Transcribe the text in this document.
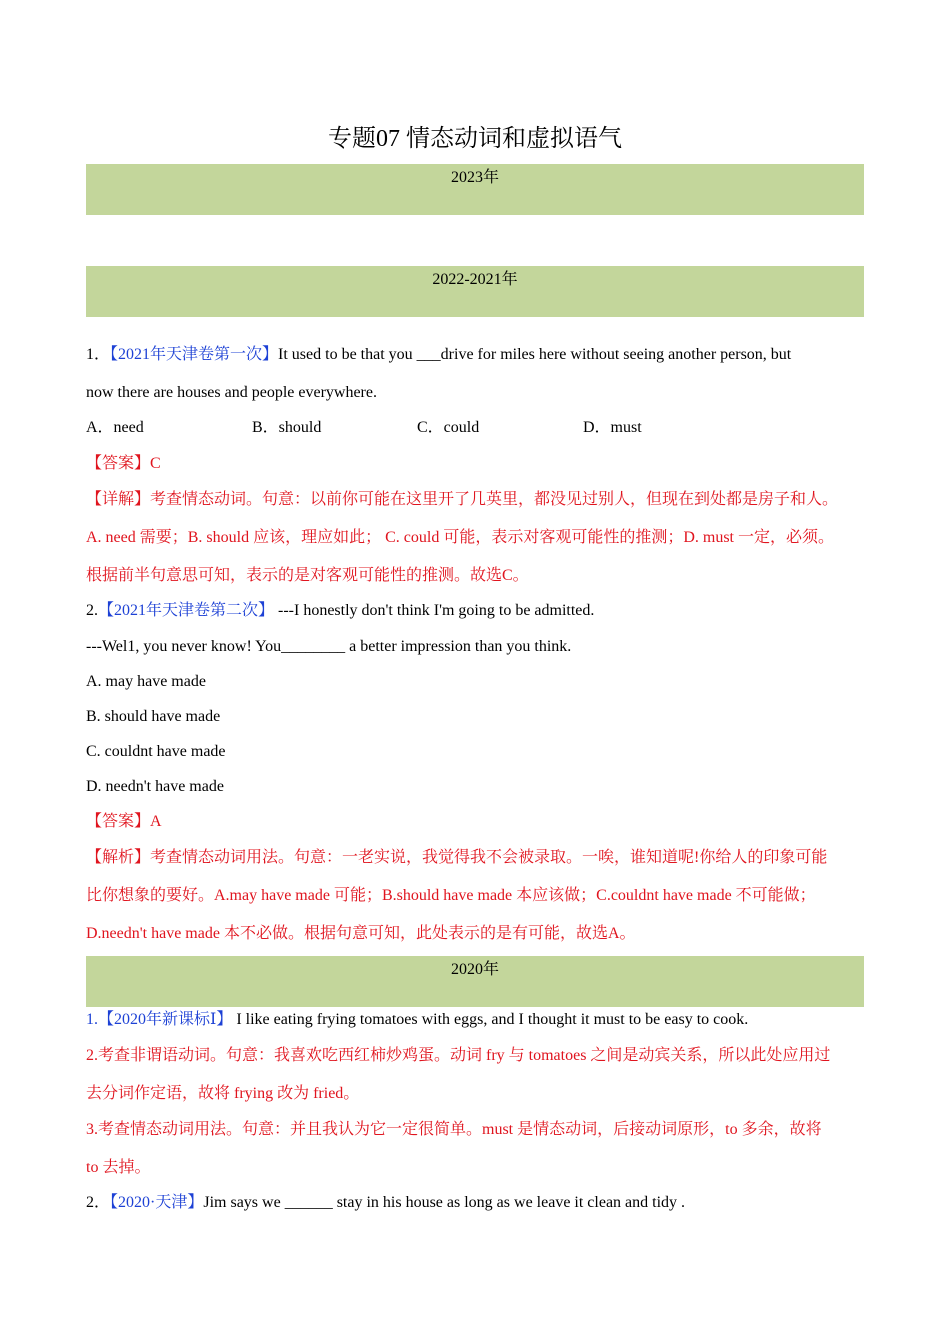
专题07 情态动词和虚拟语气
2023年
2022-2021年
1．【2021年天津卷第一次】It used to be that you ___drive for miles here without seeing another person, but
now there are houses and people everywhere.
A．need	B．should	C．could	D．must
【答案】C
【详解】考查情态动词。句意：以前你可能在这里开了几英里，都没见过别人，但现在到处都是房子和人。
A. need 需要；B. should 应该，理应如此； C. could 可能，表示对客观可能性的推测；D. must 一定，必须。
根据前半句意思可知，表示的是对客观可能性的推测。故选C。
2.【2021年天津卷第二次】 ---I honestly don't think I'm going to be admitted.
---Wel1, you never know! You________ a better impression than you think.
A. may have made
B. should have made
C. couldnt have made
D. needn't have made
【答案】A
【解析】考查情态动词用法。句意：一老实说，我觉得我不会被录取。一唉，谁知道呢!你给人的印象可能
比你想象的要好。A.may have made 可能；B.should have made 本应该做；C.couldnt have made 不可能做；
D.needn't have made 本不必做。根据句意可知，此处表示的是有可能，故选A。
2020年
1.【2020年新课标Ⅰ】 I like eating frying tomatoes with eggs, and I thought it must to be easy to cook.
2.考查非谓语动词。句意：我喜欢吃西红柿炒鸡蛋。动词 fry 与 tomatoes 之间是动宾关系，所以此处应用过
去分词作定语，故将 frying 改为 fried。
3.考查情态动词用法。句意：并且我认为它一定很简单。must 是情态动词，后接动词原形，to 多余，故将
to 去掉。
2．【2020·天津】Jim says we ______ stay in his house as long as we leave it clean and tidy .
